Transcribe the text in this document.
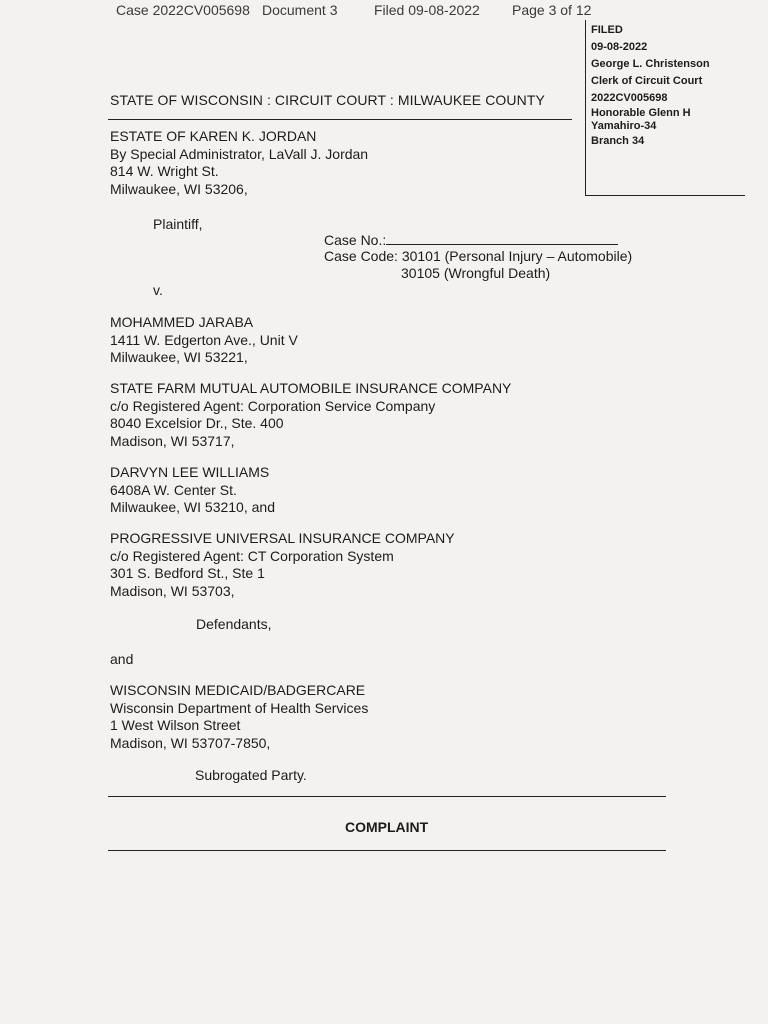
Case 2022CV005698 Document 3	Filed 09-08-2022 Page 3 of 12
FILED
09-08-2022
George L. Christenson
Clerk of Circuit Court
2022CV005698
Honorable Glenn H
Yamahiro-34
Branch 34
STATE OF WISCONSIN : CIRCUIT COURT : MILWAUKEE COUNTY
ESTATE OF KAREN K. JORDAN
By Special Administrator, LaVall J. Jordan
814 W. Wright St.
Milwaukee, WI 53206,
Plaintiff,
Case No.:
Case Code: 30101 (Personal Injury – Automobile)
30105 (Wrongful Death)
v.
MOHAMMED JARABA
1411 W. Edgerton Ave., Unit V
Milwaukee, WI 53221,
STATE FARM MUTUAL AUTOMOBILE INSURANCE COMPANY
c/o Registered Agent: Corporation Service Company
8040 Excelsior Dr., Ste. 400
Madison, WI 53717,
DARVYN LEE WILLIAMS
6408A W. Center St.
Milwaukee, WI 53210, and
PROGRESSIVE UNIVERSAL INSURANCE COMPANY
c/o Registered Agent: CT Corporation System
301 S. Bedford St., Ste 1
Madison, WI 53703,
Defendants,
and
WISCONSIN MEDICAID/BADGERCARE
Wisconsin Department of Health Services
1 West Wilson Street
Madison, WI 53707-7850,
Subrogated Party.
COMPLAINT
